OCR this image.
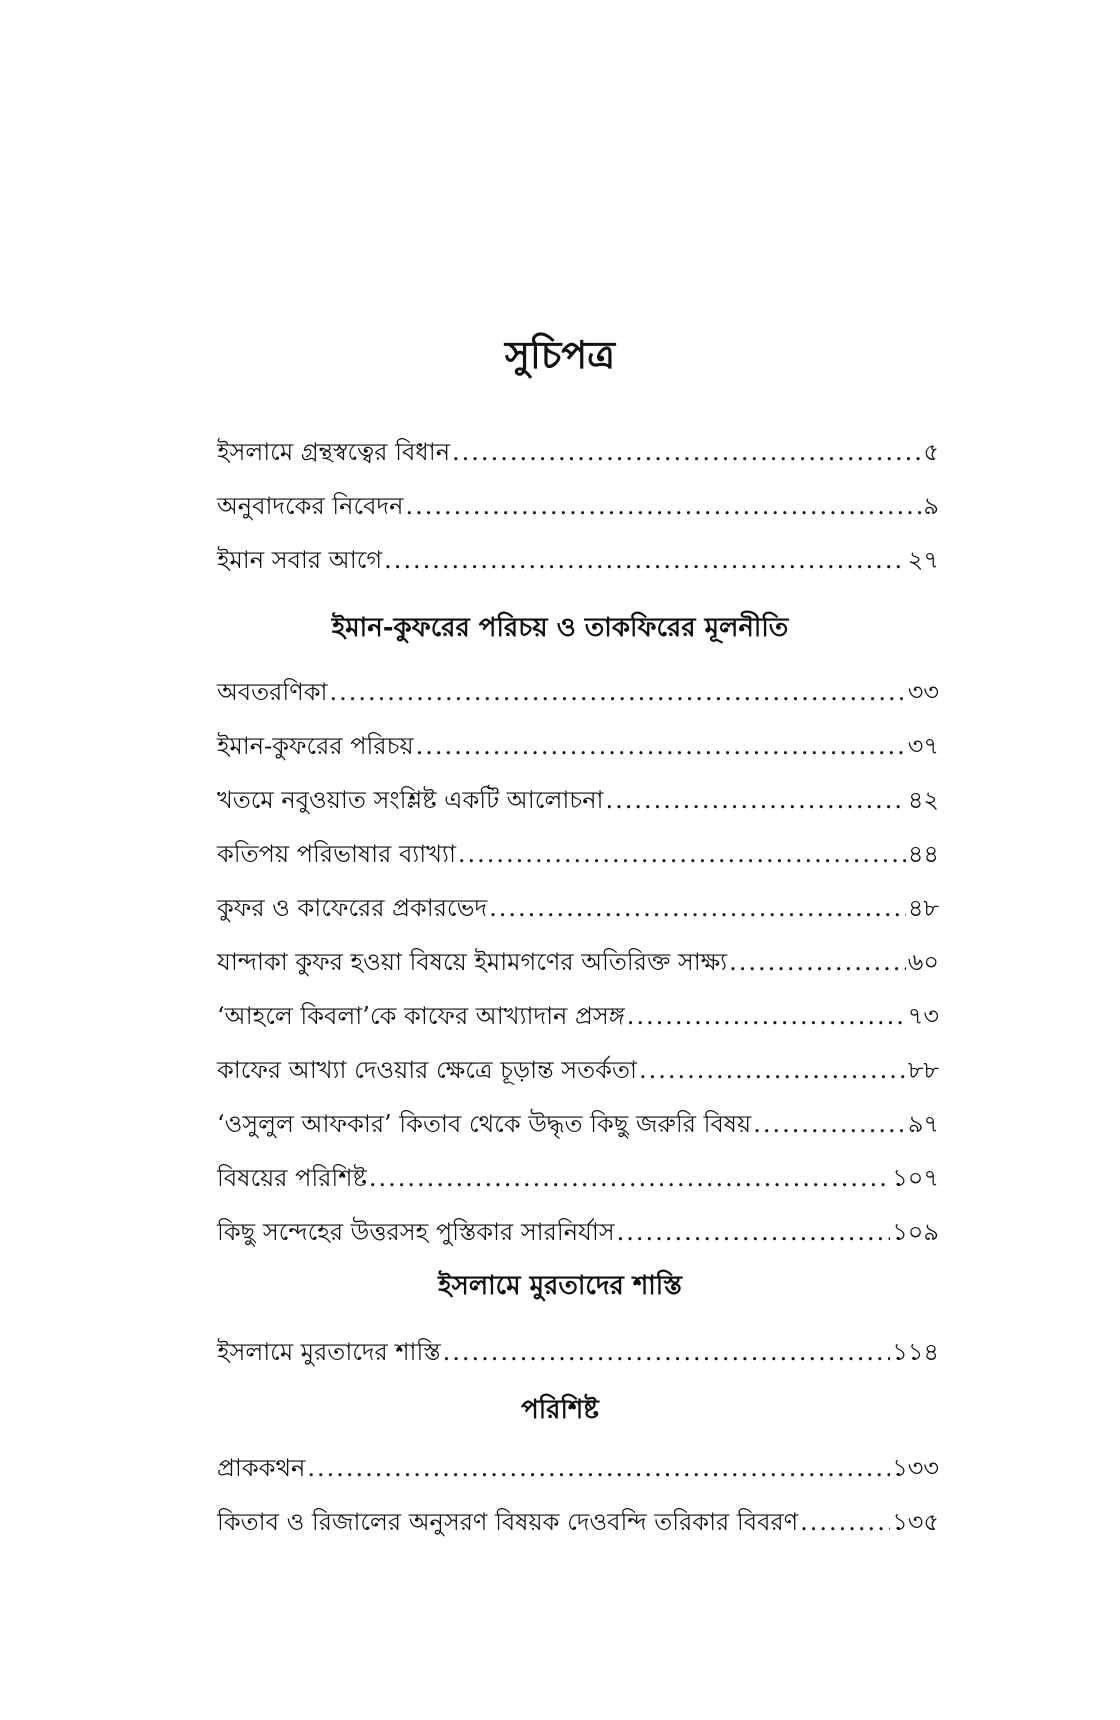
সুচিপত্র
ইসলামে গ্রন্থস্বত্বের বিধান .....	৫
অনুবাদকের নিবেদন .....	৯
ইমান সবার আগে .....	২৭
ইমান-কুফরের পরিচয় ও তাকফিরের মূলনীতি
অবতরণিকা .....	৩৩
ইমান-কুফরের পরিচয় .....	৩৭
খতমে নবুওয়াত সংশ্লিষ্ট একটি আলোচনা .....	৪২
কতিপয় পরিভাষার ব্যাখ্যা .....	৪৪
কুফর ও কাফেরের প্রকারভেদ .....	৪৮
যান্দাকা কুফর হওয়া বিষয়ে ইমামগণের অতিরিক্ত সাক্ষ্য .....	৬০
‘আহলে কিবলা’কে কাফের আখ্যাদান প্রসঙ্গ .....	৭৩
কাফের আখ্যা দেওয়ার ক্ষেত্রে চূড়ান্ত সতর্কতা .....	৮৮
‘ওসুলুল আফকার’ কিতাব থেকে উদ্ধৃত কিছু জরুরি বিষয় .....	৯৭
বিষয়ের পরিশিষ্ট .....	১০৭
কিছু সন্দেহের উত্তরসহ পুস্তিকার সারনির্যাস .....	১০৯
ইসলামে মুরতাদের শাস্তি
ইসলামে মুরতাদের শাস্তি .....	১১৪
পরিশিষ্ট
প্রাককথন .....	১৩৩
কিতাব ও রিজালের অনুসরণ বিষয়ক দেওবন্দি তরিকার বিবরণ .....	১৩৫
